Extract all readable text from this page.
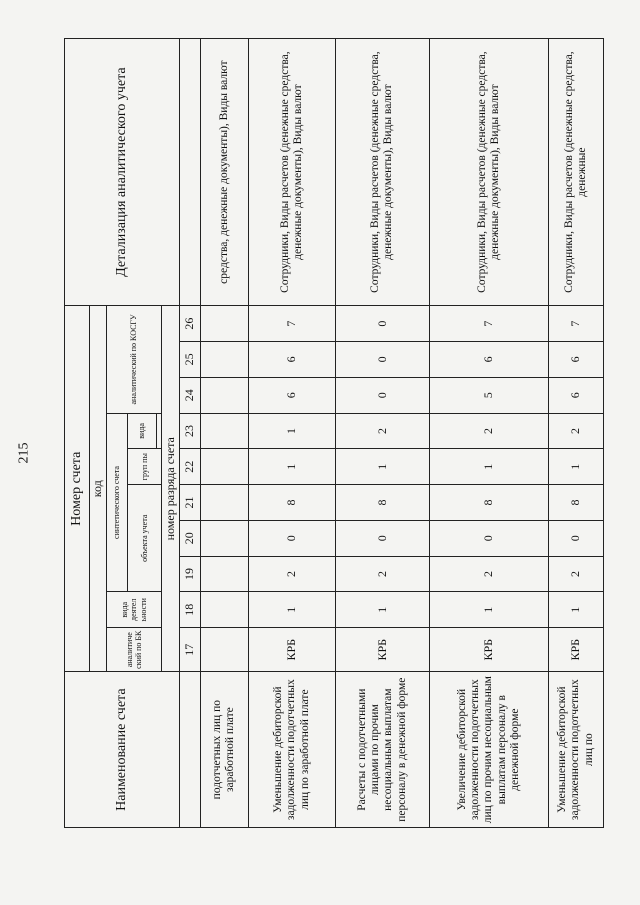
215
Наименование счета	Номер счета										Детализация аналитического учета
	код										
	аналитиче ский по БК	вида деятел ьности	синтетического счета					аналитический по КОСГУ			
			объекта учета			груп пы	вида				

	номер разряда счета										
	17	18	19	20	21	22	23	24	25	26	
подотчетных лиц по заработной плате											средства, денежные документы), Виды валют
Уменьшение дебиторской задолженности подотчетных лиц по заработной плате	КРБ	1	2	0	8	1	1	6	6	7	Сотрудники, Виды расчетов (денежные средства, денежные документы), Виды валют
Расчеты с подотчетными лицами по прочим несоциальным выплатам персоналу в денежной форме	КРБ	1	2	0	8	1	2	0	0	0	Сотрудники, Виды расчетов (денежные средства, денежные документы), Виды валют
Увеличение дебиторской задолженности подотчетных лиц по прочим несоциальным выплатам персоналу в денежной форме	КРБ	1	2	0	8	1	2	5	6	7	Сотрудники, Виды расчетов (денежные средства, денежные документы), Виды валют
Уменьшение дебиторской задолженности подотчетных лиц по	КРБ	1	2	0	8	1	2	6	6	7	Сотрудники, Виды расчетов (денежные средства, денежные
